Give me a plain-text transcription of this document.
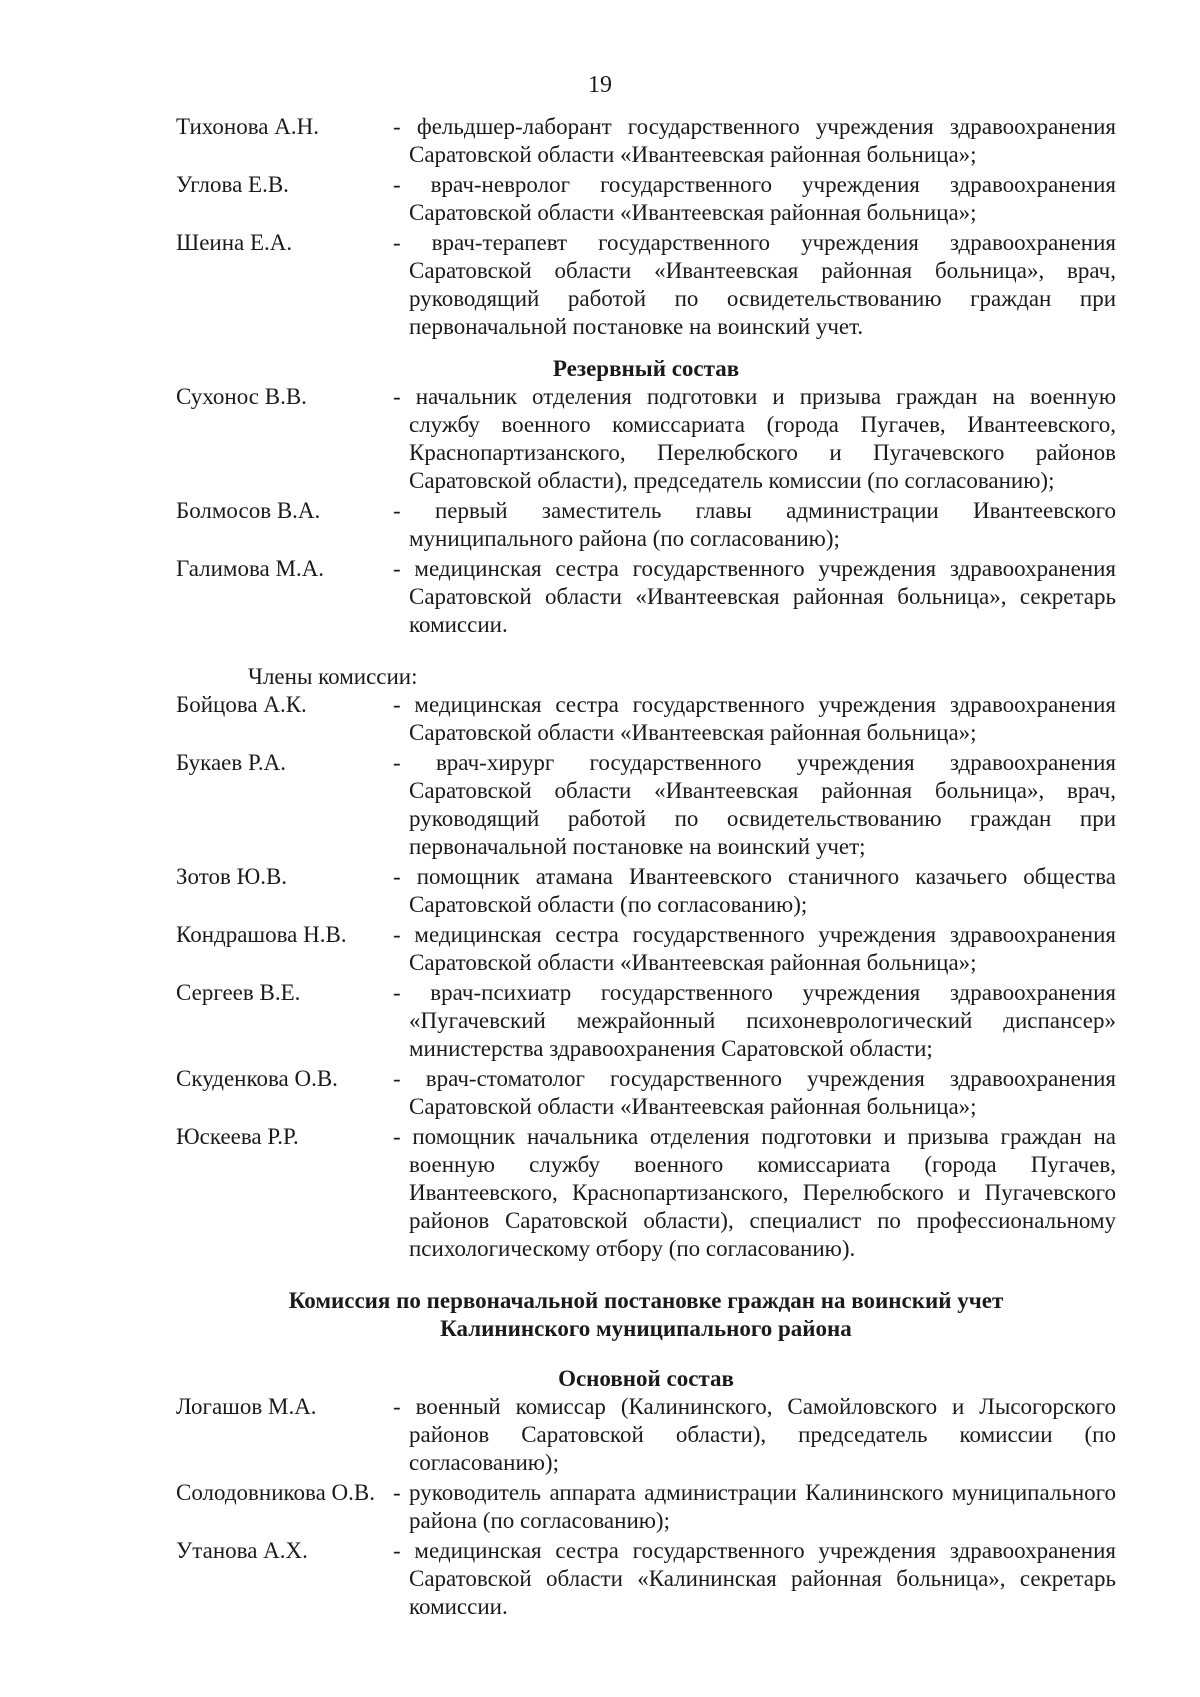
19
Тихонова А.Н.	- фельдшер-лаборант государственного учреждения здравоохранения Саратовской области «Ивантеевская районная больница»;
Углова Е.В.	- врач-невролог государственного учреждения здравоохранения Саратовской области «Ивантеевская районная больница»;
Шеина Е.А.	- врач-терапевт государственного учреждения здравоохранения Саратовской области «Ивантеевская районная больница», врач, руководящий работой по освидетельствованию граждан при первоначальной постановке на воинский учет.
Резервный состав
Сухонос В.В.	- начальник отделения подготовки и призыва граждан на военную службу военного комиссариата (города Пугачев, Ивантеевского, Краснопартизанского, Перелюбского и Пугачевского районов Саратовской области), председатель комиссии (по согласованию);
Болмосов В.А.	- первый заместитель главы администрации Ивантеевского муниципального района (по согласованию);
Галимова М.А.	- медицинская сестра государственного учреждения здравоохранения Саратовской области «Ивантеевская районная больница», секретарь комиссии.
Члены комиссии:
Бойцова А.К.	- медицинская сестра государственного учреждения здравоохранения Саратовской области «Ивантеевская районная больница»;
Букаев Р.А.	- врач-хирург государственного учреждения здравоохранения Саратовской области «Ивантеевская районная больница», врач, руководящий работой по освидетельствованию граждан при первоначальной постановке на воинский учет;
Зотов Ю.В.	- помощник атамана Ивантеевского станичного казачьего общества Саратовской области (по согласованию);
Кондрашова Н.В.	- медицинская сестра государственного учреждения здравоохранения Саратовской области «Ивантеевская районная больница»;
Сергеев В.Е.	- врач-психиатр государственного учреждения здравоохранения «Пугачевский межрайонный психоневрологический диспансер» министерства здравоохранения Саратовской области;
Скуденкова О.В.	- врач-стоматолог государственного учреждения здравоохранения Саратовской области «Ивантеевская районная больница»;
Юскеева Р.Р.	- помощник начальника отделения подготовки и призыва граждан на военную службу военного комиссариата (города Пугачев, Ивантеевского, Краснопартизанского, Перелюбского и Пугачевского районов Саратовской области), специалист по профессиональному психологическому отбору (по согласованию).
Комиссия по первоначальной постановке граждан на воинский учет
Калининского муниципального района
Основной состав
Логашов М.А.	- военный комиссар (Калининского, Самойловского и Лысогорского районов Саратовской области), председатель комиссии (по согласованию);
Солодовникова О.В. - руководитель аппарата администрации Калининского муниципального района (по согласованию);
Утанова А.Х.	- медицинская сестра государственного учреждения здравоохранения Саратовской области «Калининская районная больница», секретарь комиссии.
